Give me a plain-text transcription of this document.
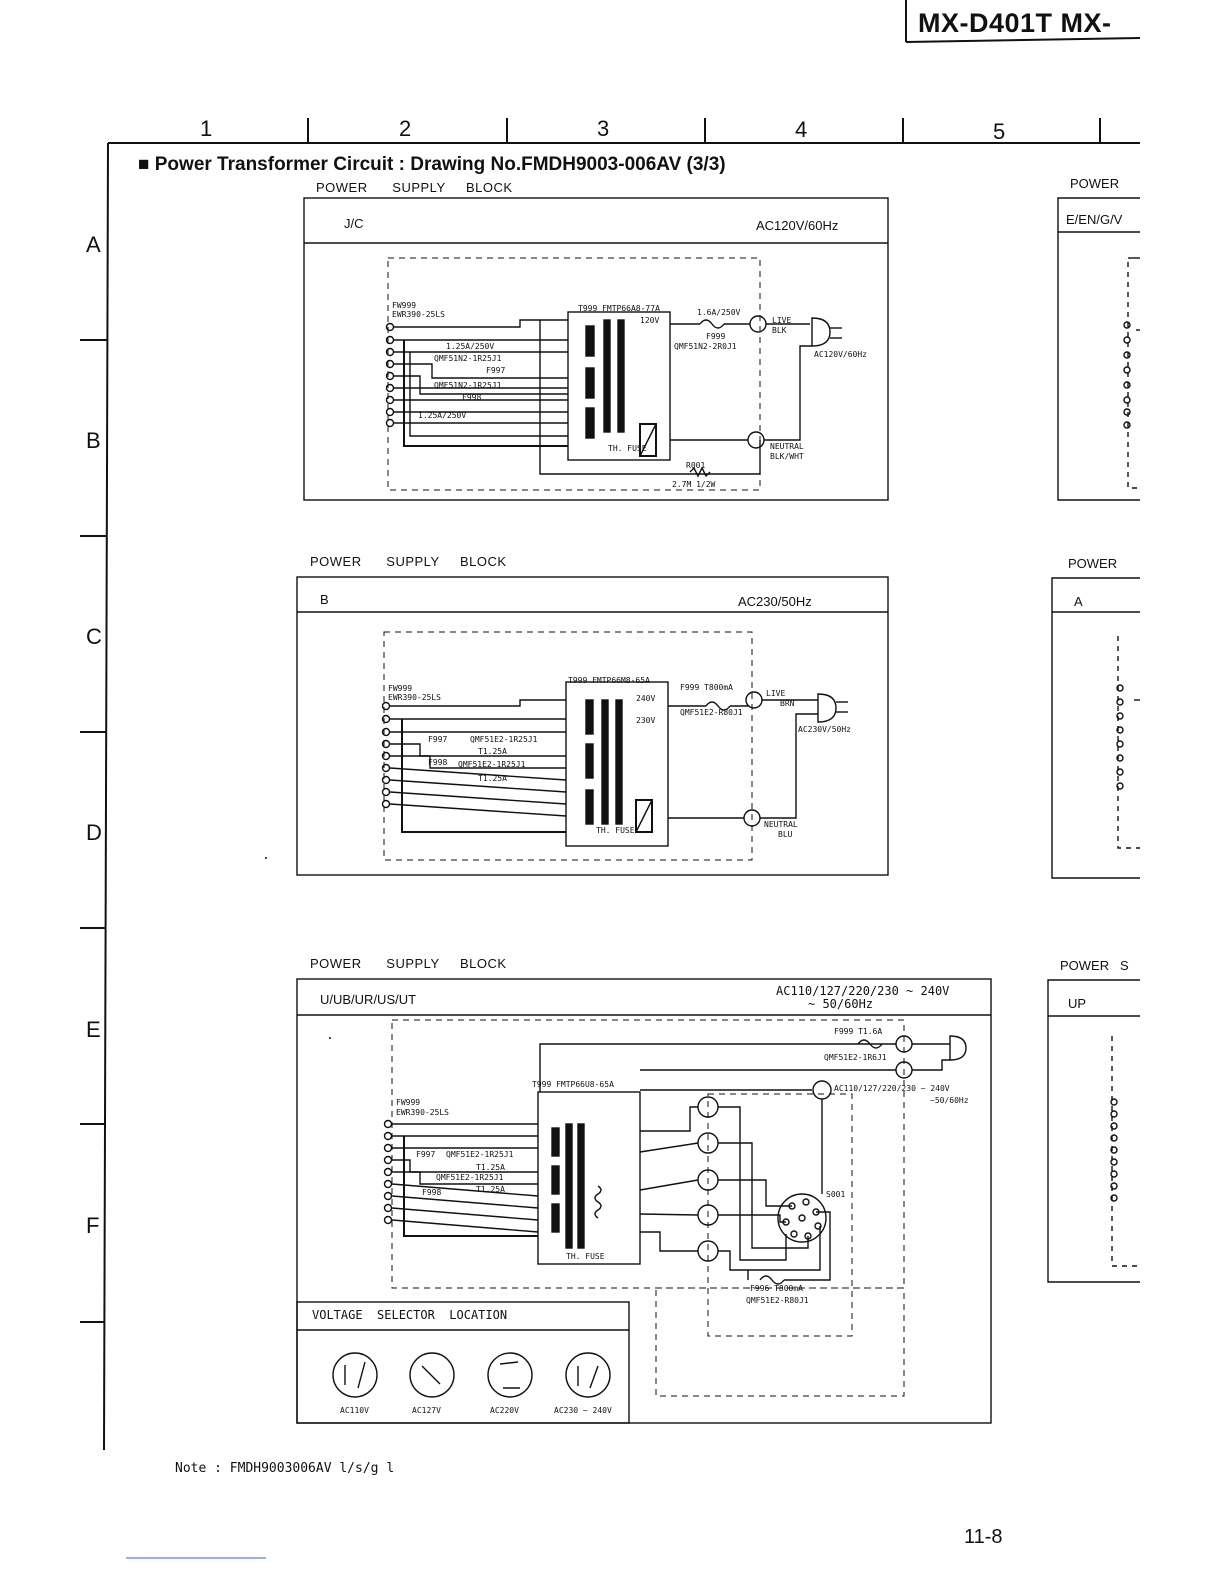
MX-D401T MX-
1	2	3	4	5
A
B
C
D
E
F
■ Power Transformer Circuit : Drawing No.FMDH9003-006AV (3/3)
POWER      SUPPLY     BLOCK
J/C	AC120V/60Hz
FW999
EWR390-25LS
T999 FMTP66A8-77A
120V
1.6A/250V
F999
QMF51N2-2R0J1
1.25A/250V
QMF51N2-1R25J1
F997
QMF51N2-1R25J1
F998
1.25A/250V
LIVE
BLK
AC120V/60Hz
NEUTRAL
BLK/WHT
TH. FUSE
R001
2.7M 1/2W
POWER      SUPPLY     BLOCK
B	AC230/50Hz
FW999
EWR390-25LS
T999 FMTP66M8-65A
240V
230V
F999 T800mA
QMF51E2-R80J1
LIVE
BRN
AC230V/50Hz
F997	QMF51E2-1R25J1
T1.25A
F998 QMF51E2-1R25J1
T1.25A
NEUTRAL
BLU
TH. FUSE
POWER      SUPPLY     BLOCK
U/UB/UR/US/UT
AC110/127/220/230 ~ 240V
~ 50/60Hz
F999 T1.6A
QMF51E2-1R6J1
T999 FMTP66U8-65A
FW999
EWR390-25LS
F997 QMF51E2-1R25J1
T1.25A
QMF51E2-1R25J1
F998	T1.25A
AC110/127/220/230 ~ 240V
~50/60Hz
S001
F996 T800mA
QMF51E2-R80J1
TH. FUSE
VOLTAGE  SELECTOR  LOCATION
AC110V	AC127V	AC220V	AC230 ~ 240V
POWER
E/EN/G/V
POWER
A
POWER   S
UP
Note : FMDH9003006AV l/s/g l
11-8
